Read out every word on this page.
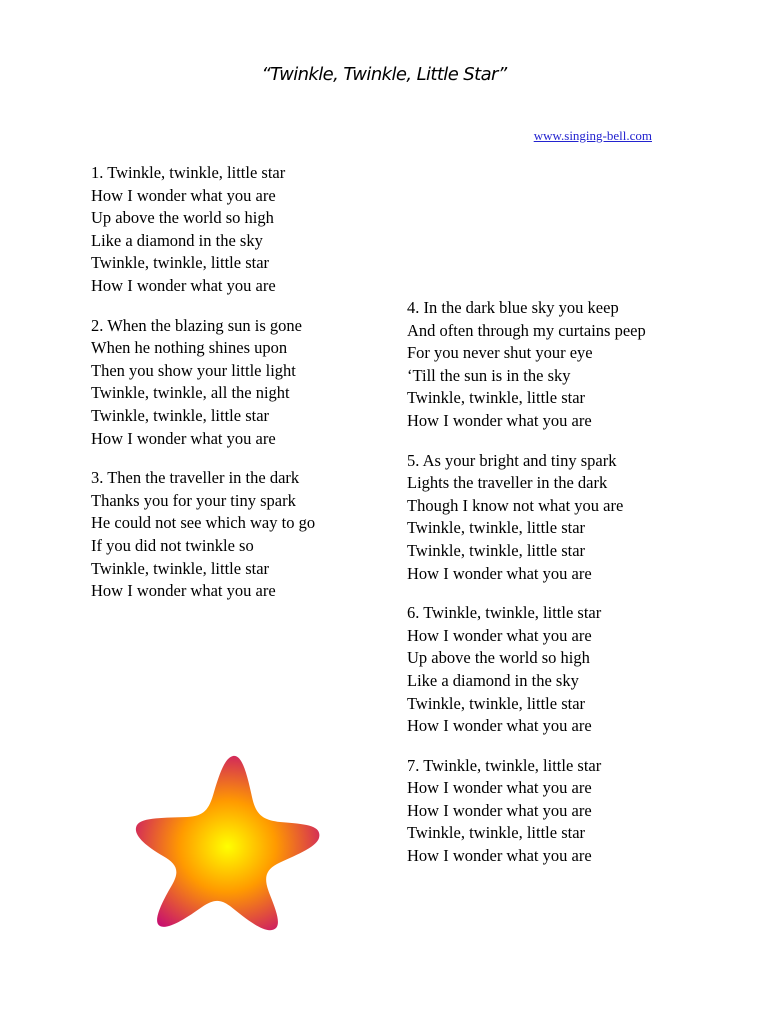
“Twinkle, Twinkle, Little Star”
www.singing-bell.com
1. Twinkle, twinkle, little star
How I wonder what you are
Up above the world so high
Like a diamond in the sky
Twinkle, twinkle, little star
How I wonder what you are
2. When the blazing sun is gone
When he nothing shines upon
Then you show your little light
Twinkle, twinkle, all the night
Twinkle, twinkle, little star
How I wonder what you are
3. Then the traveller in the dark
Thanks you for your tiny spark
He could not see which way to go
If you did not twinkle so
Twinkle, twinkle, little star
How I wonder what you are
4. In the dark blue sky you keep
And often through my curtains peep
For you never shut your eye
‘Till the sun is in the sky
Twinkle, twinkle, little star
How I wonder what you are
5. As your bright and tiny spark
Lights the traveller in the dark
Though I know not what you are
Twinkle, twinkle, little star
Twinkle, twinkle, little star
How I wonder what you are
6. Twinkle, twinkle, little star
How I wonder what you are
Up above the world so high
Like a diamond in the sky
Twinkle, twinkle, little star
How I wonder what you are
7. Twinkle, twinkle, little star
How I wonder what you are
How I wonder what you are
Twinkle, twinkle, little star
How I wonder what you are
